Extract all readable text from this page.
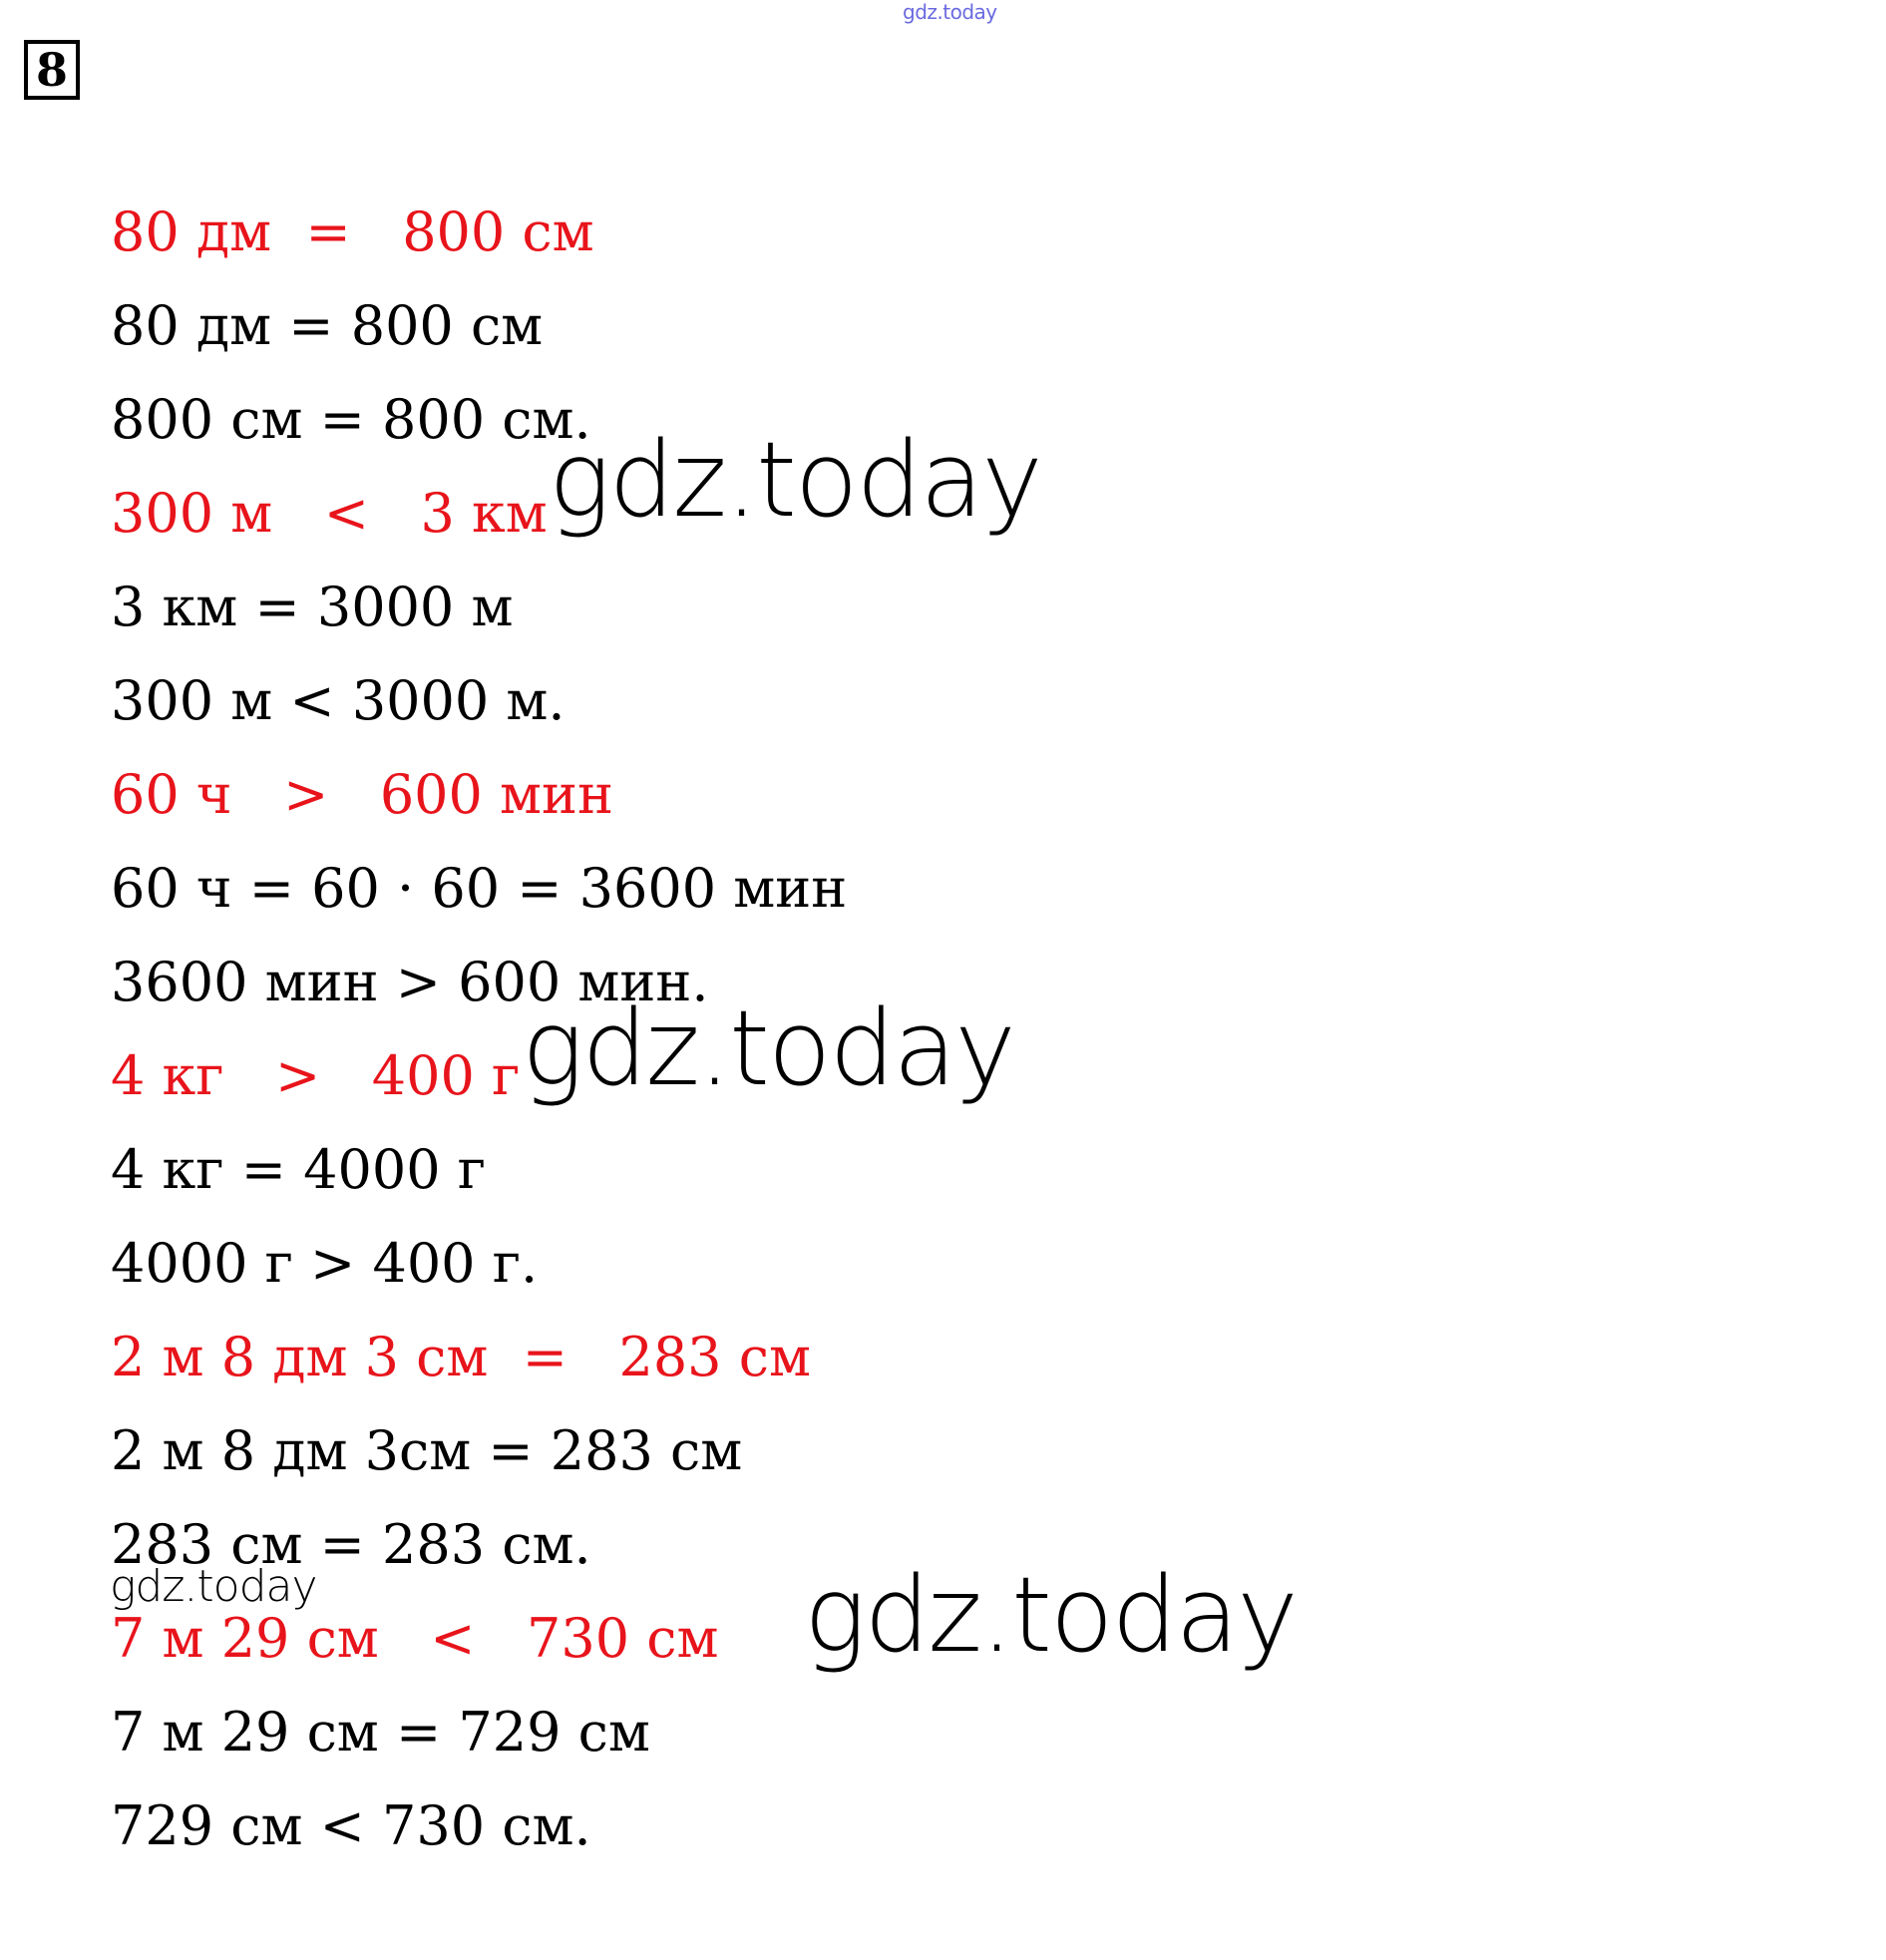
gdz.today
8
80 дм  =   800 см
80 дм = 800 см
800 см = 800 см.
300 м   <   3 км
3 км = 3000 м
300 м < 3000 м.
60 ч   >   600 мин
60 ч = 60 · 60 = 3600 мин
3600 мин > 600 мин.
4 кг   >   400 г
4 кг = 4000 г
4000 г > 400 г.
2 м 8 дм 3 см  =   283 см
2 м 8 дм 3см = 283 см
283 см = 283 см.
7 м 29 см   <   730 см
7 м 29 см = 729 см
729 см < 730 см.
gdz.today
gdz.today
gdz.today	gdz.today
